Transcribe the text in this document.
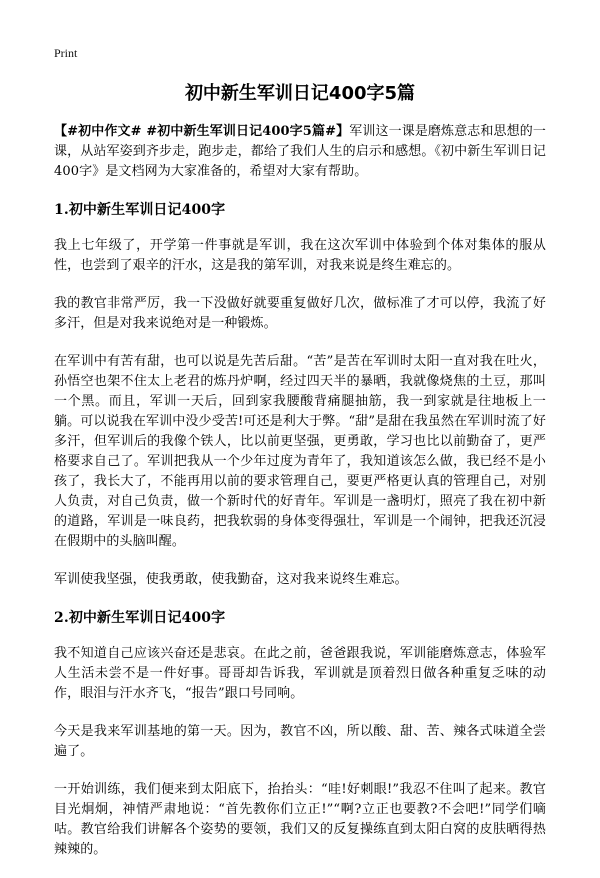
Print
初中新生军训日记400字5篇

【#初中作文# #初中新生军训日记400字5篇#】军训这一课是磨炼意志和思想的一课，从站军姿到齐步走，跑步走，都给了我们人生的启示和感想。《初中新生军训日记400字》是文档网为大家准备的，希望对大家有帮助。

1.初中新生军训日记400字

我上七年级了，开学第一件事就是军训，我在这次军训中体验到个体对集体的服从性，也尝到了艰辛的汗水，这是我的第军训，对我来说是终生难忘的。

我的教官非常严厉，我一下没做好就要重复做好几次，做标准了才可以停，我流了好多汗，但是对我来说绝对是一种锻炼。

在军训中有苦有甜，也可以说是先苦后甜。“苦”是苦在军训时太阳一直对我在吐火，孙悟空也架不住太上老君的炼丹炉啊，经过四天半的暴晒，我就像烧焦的土豆，那叫一个黑。而且，军训一天后，回到家我腰酸背痛腿抽筋，我一到家就是往地板上一躺。可以说我在军训中没少受苦!可还是利大于弊。“甜”是甜在我虽然在军训时流了好多汗，但军训后的我像个铁人，比以前更坚强，更勇敢，学习也比以前勤奋了，更严格要求自己了。军训把我从一个少年过度为青年了，我知道该怎么做，我已经不是小孩了，我长大了，不能再用以前的要求管理自己，要更严格更认真的管理自己，对别人负责，对自己负责，做一个新时代的好青年。军训是一盏明灯，照亮了我在初中新的道路，军训是一味良药，把我软弱的身体变得强壮，军训是一个闹钟，把我还沉浸在假期中的头脑叫醒。

军训使我坚强，使我勇敢，使我勤奋，这对我来说终生难忘。

2.初中新生军训日记400字

我不知道自己应该兴奋还是悲哀。在此之前，爸爸跟我说，军训能磨炼意志，体验军人生活未尝不是一件好事。哥哥却告诉我，军训就是顶着烈日做各种重复乏味的动作，眼泪与汗水齐飞，“报告”跟口号同响。

今天是我来军训基地的第一天。因为，教官不凶，所以酸、甜、苦、辣各式味道全尝遍了。

一开始训练，我们便来到太阳底下，抬抬头：“哇!好刺眼!”我忍不住叫了起来。教官目光炯炯，神情严肃地说：“首先教你们立正!”“啊?立正也要教?不会吧!”同学们嘀咕。教官给我们讲解各个姿势的要领，我们又的反复操练直到太阳白窝的皮肤晒得热辣辣的。
